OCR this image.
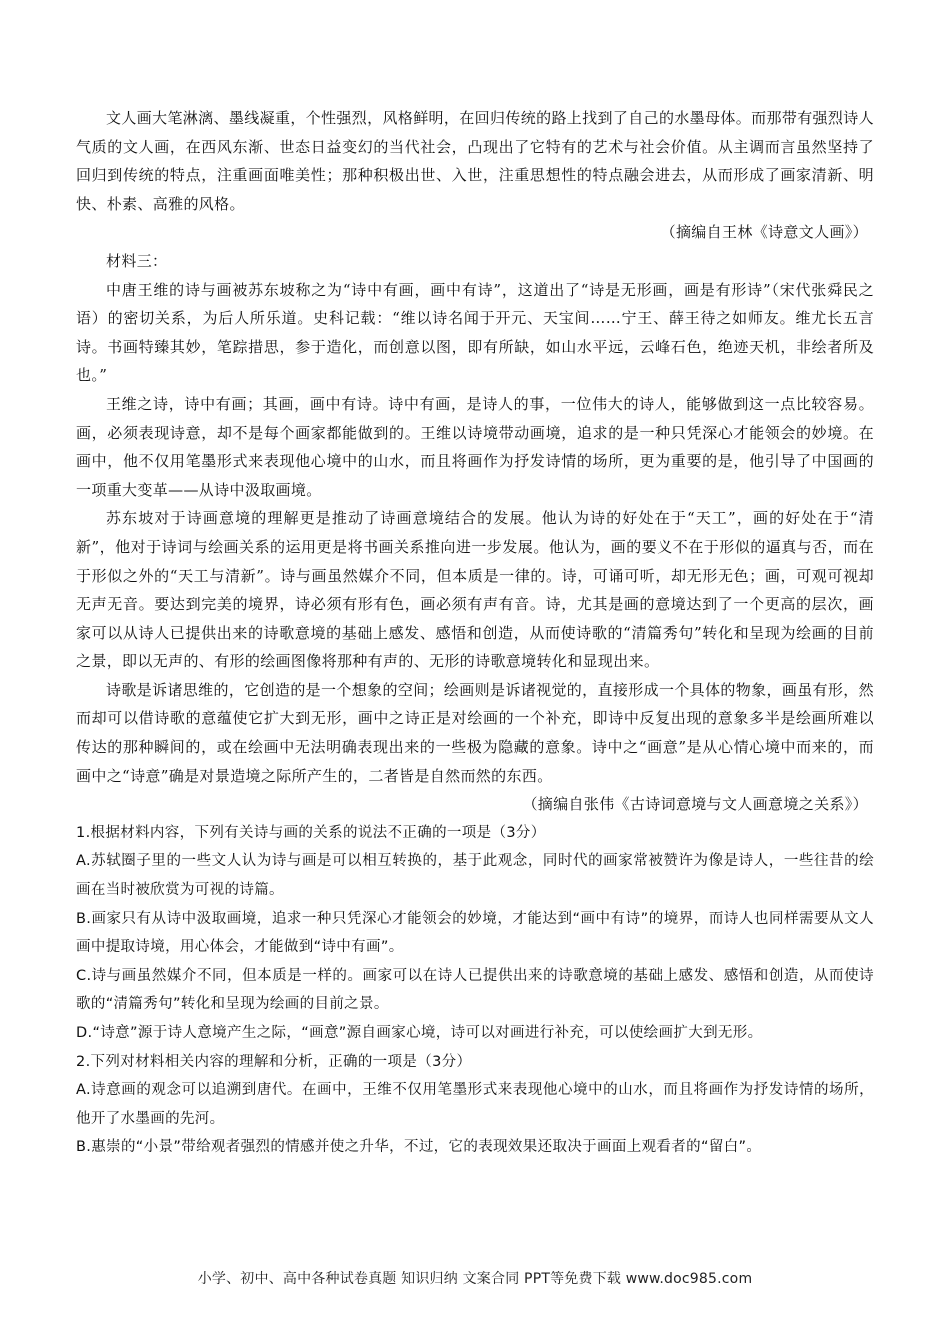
文人画大笔淋漓、墨线凝重，个性强烈，风格鲜明，在回归传统的路上找到了自己的水墨母体。而那带有强烈诗人气质的文人画，在西风东渐、世态日益变幻的当代社会，凸现出了它特有的艺术与社会价值。从主调而言虽然坚持了回归到传统的特点，注重画面唯美性；那种积极出世、入世，注重思想性的特点融会进去，从而形成了画家清新、明快、朴素、高雅的风格。

（摘编自王林《诗意文人画》）

材料三：

中唐王维的诗与画被苏东坡称之为“诗中有画，画中有诗”，这道出了“诗是无形画，画是有形诗”（宋代张舜民之语）的密切关系，为后人所乐道。史科记载：“维以诗名闻于开元、天宝间……宁王、薛王待之如师友。维尤长五言诗。书画特臻其妙，笔踪措思，参于造化，而创意以图，即有所缺，如山水平远，云峰石色，绝迹天机，非绘者所及也。”

王维之诗，诗中有画；其画，画中有诗。诗中有画，是诗人的事，一位伟大的诗人，能够做到这一点比较容易。画，必须表现诗意，却不是每个画家都能做到的。王维以诗境带动画境，追求的是一种只凭深心才能领会的妙境。在画中，他不仅用笔墨形式来表现他心境中的山水，而且将画作为抒发诗情的场所，更为重要的是，他引导了中国画的一项重大变革——从诗中汲取画境。

苏东坡对于诗画意境的理解更是推动了诗画意境结合的发展。他认为诗的好处在于“天工”，画的好处在于“清新”，他对于诗词与绘画关系的运用更是将书画关系推向进一步发展。他认为，画的要义不在于形似的逼真与否，而在于形似之外的“天工与清新”。诗与画虽然媒介不同，但本质是一律的。诗，可诵可听，却无形无色；画，可观可视却无声无音。要达到完美的境界，诗必须有形有色，画必须有声有音。诗，尤其是画的意境达到了一个更高的层次，画家可以从诗人已提供出来的诗歌意境的基础上感发、感悟和创造，从而使诗歌的“清篇秀句”转化和呈现为绘画的目前之景，即以无声的、有形的绘画图像将那种有声的、无形的诗歌意境转化和显现出来。

诗歌是诉诸思维的，它创造的是一个想象的空间；绘画则是诉诸视觉的，直接形成一个具体的物象，画虽有形，然而却可以借诗歌的意蕴使它扩大到无形，画中之诗正是对绘画的一个补充，即诗中反复出现的意象多半是绘画所难以传达的那种瞬间的，或在绘画中无法明确表现出来的一些极为隐藏的意象。诗中之“画意”是从心情心境中而来的，而画中之“诗意”确是对景造境之际所产生的，二者皆是自然而然的东西。

（摘编自张伟《古诗词意境与文人画意境之关系》）

1.根据材料内容，下列有关诗与画的关系的说法不正确的一项是（3分）

A.苏轼圈子里的一些文人认为诗与画是可以相互转换的，基于此观念，同时代的画家常被赞许为像是诗人，一些往昔的绘画在当时被欣赏为可视的诗篇。

B.画家只有从诗中汲取画境，追求一种只凭深心才能领会的妙境，才能达到“画中有诗”的境界，而诗人也同样需要从文人画中提取诗境，用心体会，才能做到“诗中有画”。

C.诗与画虽然媒介不同，但本质是一样的。画家可以在诗人已提供出来的诗歌意境的基础上感发、感悟和创造，从而使诗歌的“清篇秀句”转化和呈现为绘画的目前之景。

D.“诗意”源于诗人意境产生之际，“画意”源自画家心境，诗可以对画进行补充，可以使绘画扩大到无形。

2.下列对材料相关内容的理解和分析，正确的一项是（3分）

A.诗意画的观念可以追溯到唐代。在画中，王维不仅用笔墨形式来表现他心境中的山水，而且将画作为抒发诗情的场所，他开了水墨画的先河。

B.惠崇的“小景”带给观者强烈的情感并使之升华，不过，它的表现效果还取决于画面上观看者的“留白”。

小学、初中、高中各种试卷真题 知识归纳 文案合同 PPT等免费下载 www.doc985.com
